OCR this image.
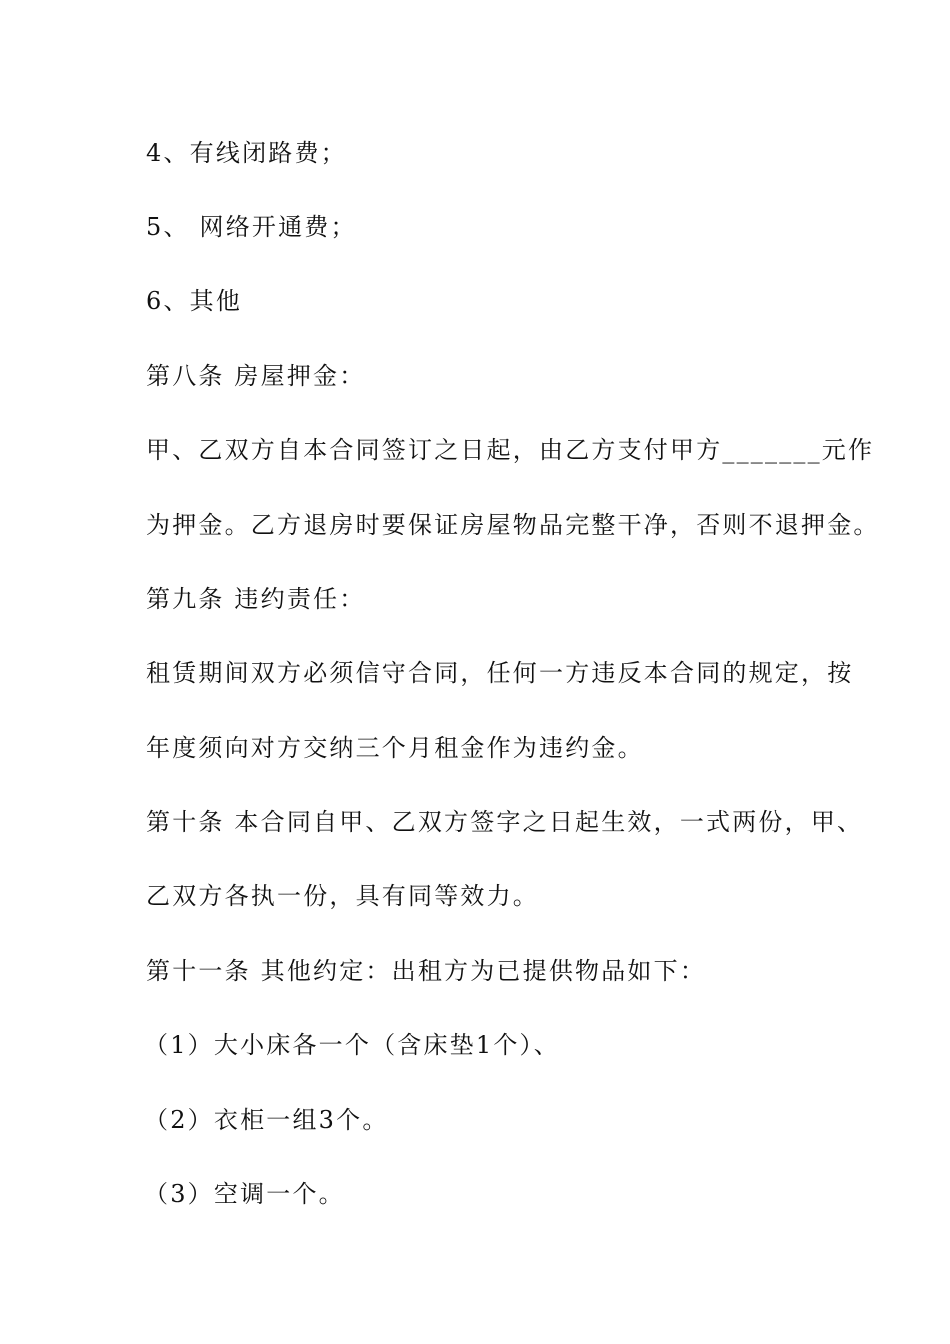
4、有线闭路费；
5、 网络开通费；
6、其他
第八条 房屋押金：
甲、乙双方自本合同签订之日起，由乙方支付甲方_______元作
为押金。乙方退房时要保证房屋物品完整干净，否则不退押金。
第九条 违约责任：
租赁期间双方必须信守合同，任何一方违反本合同的规定，按
年度须向对方交纳三个月租金作为违约金。
第十条 本合同自甲、乙双方签字之日起生效，一式两份，甲、
乙双方各执一份，具有同等效力。
第十一条 其他约定：出租方为已提供物品如下：
（1）大小床各一个（含床垫1个）、
（2）衣柜一组3个。
（3）空调一个。
